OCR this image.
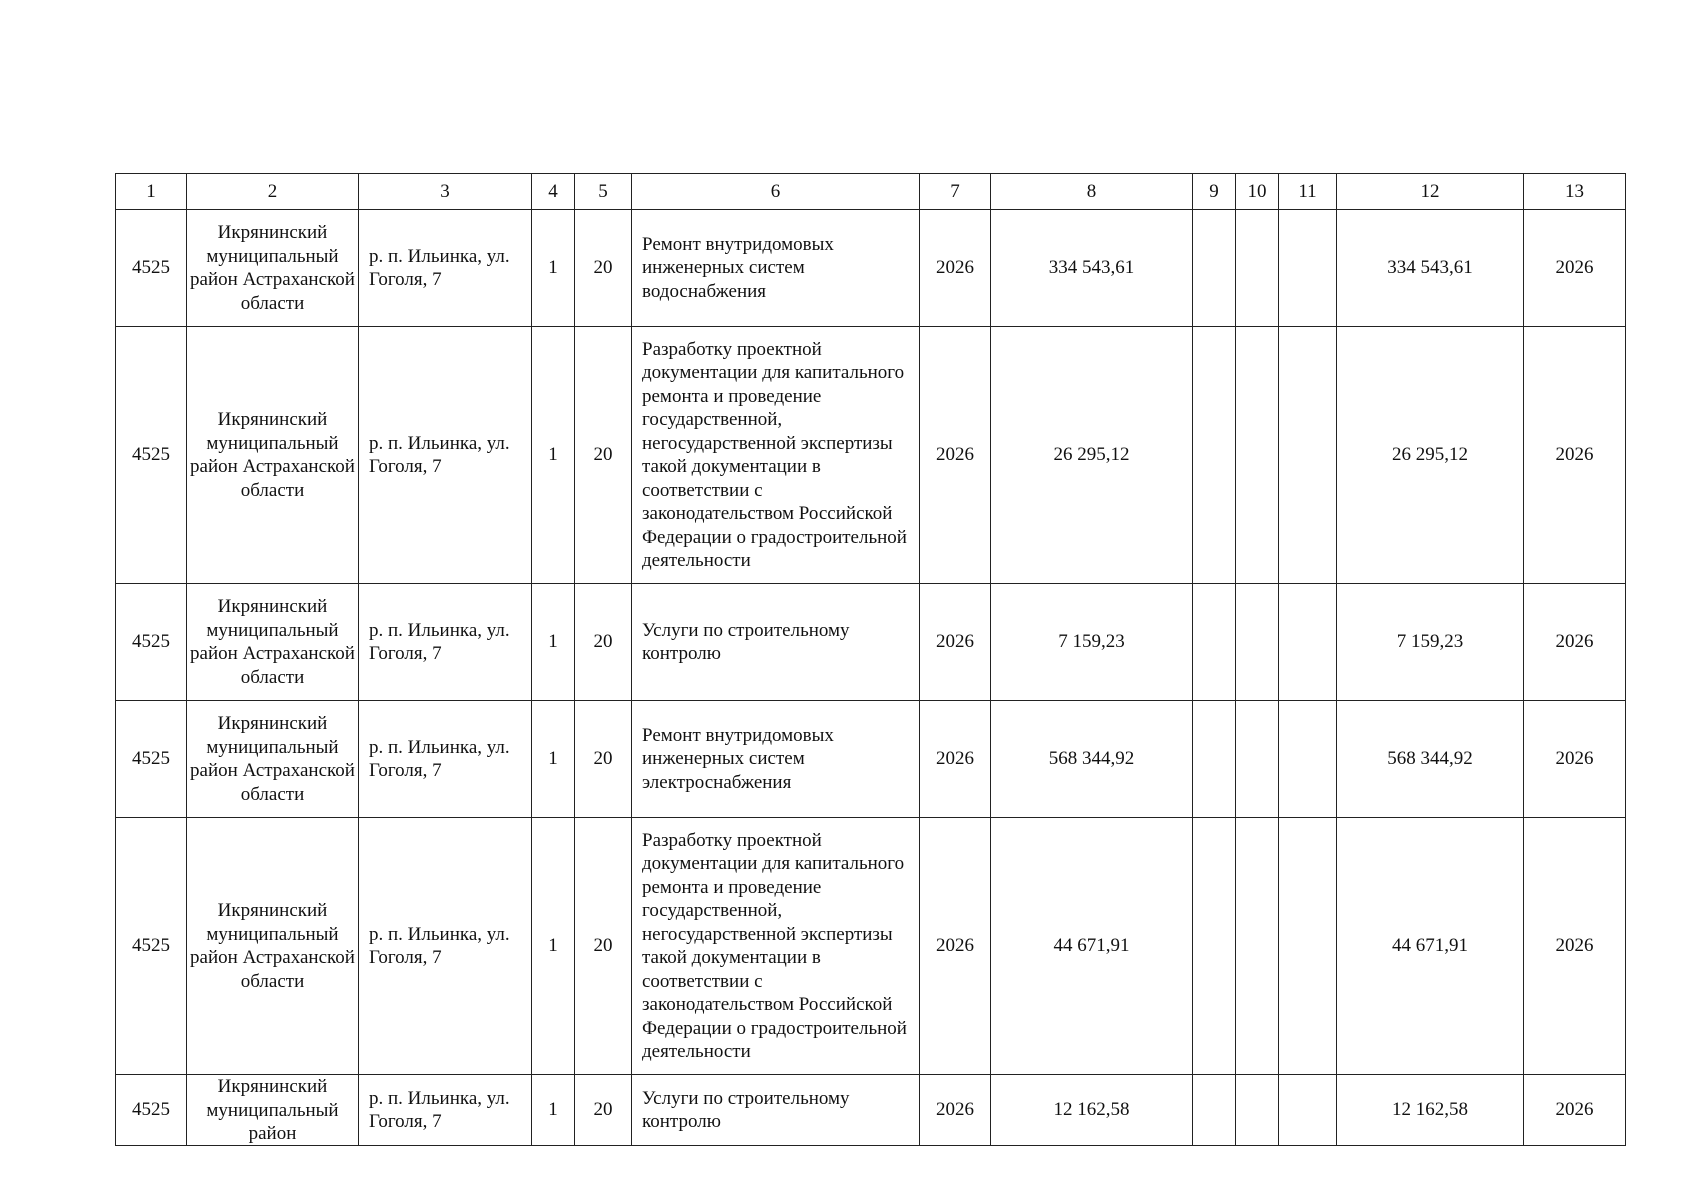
1	2	3	4	5	6	7	8	9	10	11	12	13
4525	Икрянинский муниципальный район Астраханской области	р. п. Ильинка, ул. Гоголя, 7	1	20	Ремонт внутридомовых инженерных систем водоснабжения	2026	334 543,61				334 543,61	2026
4525	Икрянинский муниципальный район Астраханской области	р. п. Ильинка, ул. Гоголя, 7	1	20	Разработку проектной документации для капитального ремонта и проведение государственной, негосударственной экспертизы такой документации в соответствии с законодательством Российской Федерации о градостроительной деятельности	2026	26 295,12				26 295,12	2026
4525	Икрянинский муниципальный район Астраханской области	р. п. Ильинка, ул. Гоголя, 7	1	20	Услуги по строительному контролю	2026	7 159,23				7 159,23	2026
4525	Икрянинский муниципальный район Астраханской области	р. п. Ильинка, ул. Гоголя, 7	1	20	Ремонт внутридомовых инженерных систем электроснабжения	2026	568 344,92				568 344,92	2026
4525	Икрянинский муниципальный район Астраханской области	р. п. Ильинка, ул. Гоголя, 7	1	20	Разработку проектной документации для капитального ремонта и проведение государственной, негосударственной экспертизы такой документации в соответствии с законодательством Российской Федерации о градостроительной деятельности	2026	44 671,91				44 671,91	2026
4525	Икрянинский муниципальный район	р. п. Ильинка, ул. Гоголя, 7	1	20	Услуги по строительному контролю	2026	12 162,58				12 162,58	2026
